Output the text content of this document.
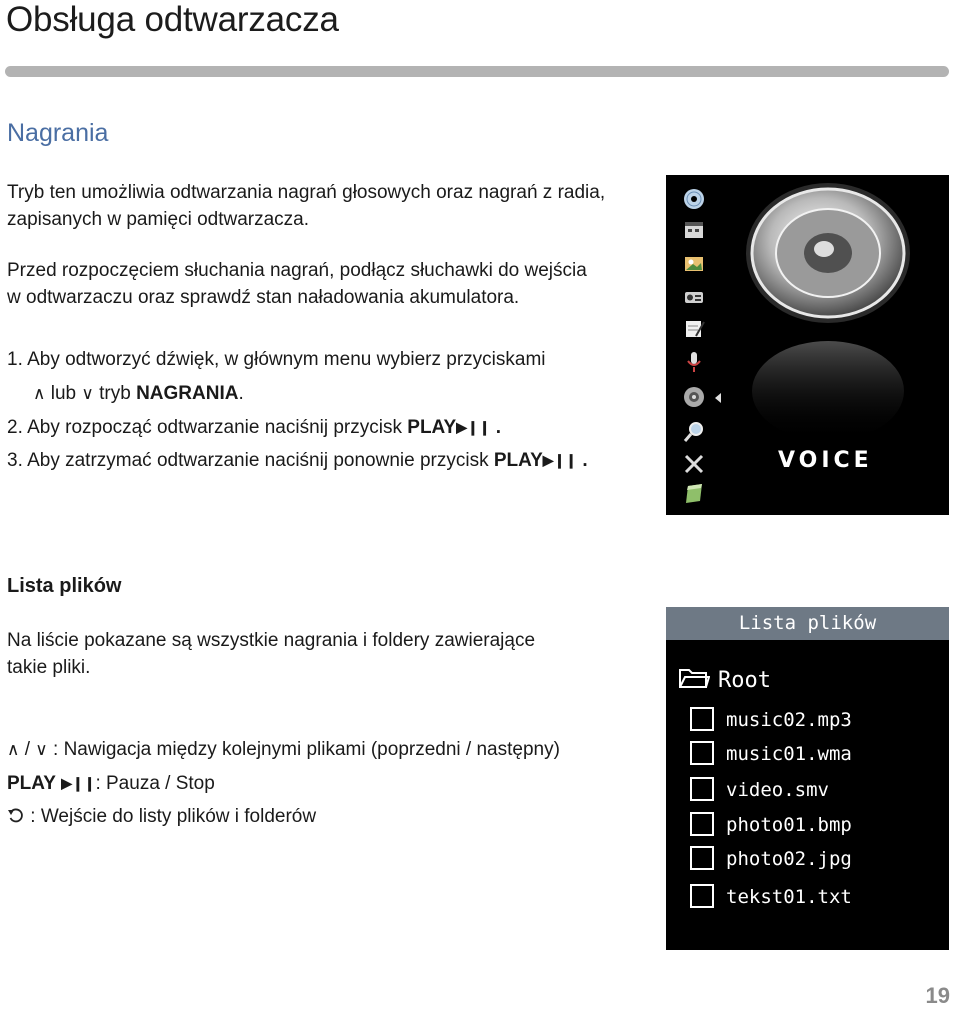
Obsługa odtwarzacza
Nagrania
Tryb ten umożliwia odtwarzania nagrań głosowych oraz nagrań z radia,
zapisanych w pamięci odtwarzacza.
Przed rozpoczęciem słuchania nagrań, podłącz słuchawki do wejścia
w odtwarzaczu oraz sprawdź stan naładowania akumulatora.
1. Aby odtworzyć dźwięk, w głównym menu wybierz przyciskami
∧ lub ∨ tryb NAGRANIA.
2. Aby rozpocząć odtwarzanie naciśnij przycisk PLAY▶❙❙ .
3. Aby zatrzymać odtwarzanie naciśnij ponownie przycisk PLAY▶❙❙ .	VOICE
Lista plików
Na liście pokazane są wszystkie nagrania i foldery zawierające
takie pliki.
∧ / ∨ : Nawigacja między kolejnymi plikami (poprzedni / następny)
PLAY ▶❙❙: Pauza / Stop
: Wejście do listy plików i folderów
Lista plików
Root
music02.mp3
music01.wma
video.smv
photo01.bmp
photo02.jpg
tekst01.txt
19
